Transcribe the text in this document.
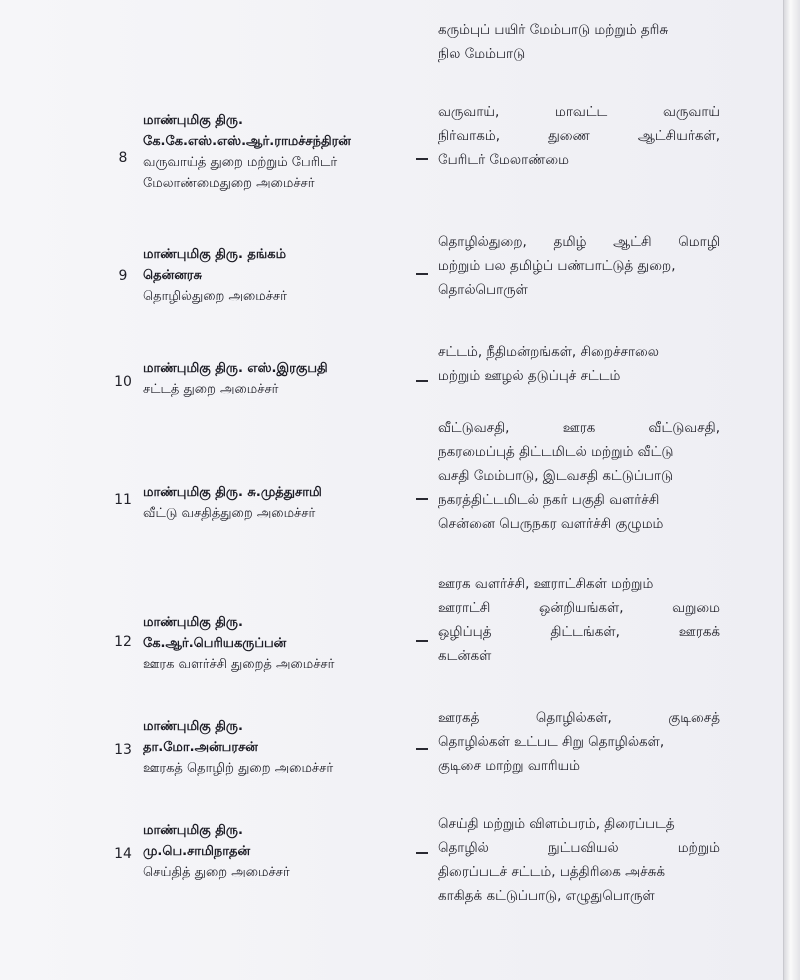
கரும்புப் பயிர் மேம்பாடு மற்றும் தரிசு
நில மேம்பாடு
8
மாண்புமிகு திரு.
கே.கே.எஸ்.எஸ்.ஆர்.ராமச்சந்திரன்
வருவாய்த் துறை மற்றும் பேரிடர்
மேலாண்மைதுறை அமைச்சர்
வருவாய், மாவட்ட வருவாய்
நிர்வாகம், துணை ஆட்சியர்கள்,
பேரிடர் மேலாண்மை
9
மாண்புமிகு திரு. தங்கம்
தென்னரசு
தொழில்துறை அமைச்சர்
தொழில்துறை, தமிழ் ஆட்சி மொழி
மற்றும் பல தமிழ்ப் பண்பாட்டுத் துறை,
தொல்பொருள்
10
மாண்புமிகு திரு. எஸ்.இரகுபதி
சட்டத் துறை அமைச்சர்
சட்டம், நீதிமன்றங்கள், சிறைச்சாலை
மற்றும் ஊழல் தடுப்புச் சட்டம்
11 மாண்புமிகு திரு. சு.முத்துசாமி
வீட்டு வசதித்துறை அமைச்சர்
வீட்டுவசதி, ஊரக வீட்டுவசதி,
நகரமைப்புத் திட்டமிடல் மற்றும் வீட்டு
வசதி மேம்பாடு, இடவசதி கட்டுப்பாடு
நகரத்திட்டமிடல் நகர் பகுதி வளர்ச்சி
சென்னை பெருநகர வளர்ச்சி குழுமம்
12
மாண்புமிகு திரு.
கே.ஆர்.பெரியகருப்பன்
ஊரக வளர்ச்சி துறைத் அமைச்சர்
ஊரக வளர்ச்சி, ஊராட்சிகள் மற்றும்
ஊராட்சி ஒன்றியங்கள், வறுமை
ஒழிப்புத் திட்டங்கள், ஊரகக்
கடன்கள்
13
மாண்புமிகு திரு.
தா.மோ.அன்பரசன்
ஊரகத் தொழிற் துறை அமைச்சர்
ஊரகத் தொழில்கள், குடிசைத்
தொழில்கள் உட்பட சிறு தொழில்கள்,
குடிசை மாற்று வாரியம்
14
மாண்புமிகு திரு.
மு.பெ.சாமிநாதன்
செய்தித் துறை அமைச்சர்
செய்தி மற்றும் விளம்பரம், திரைப்படத்
தொழில் நுட்பவியல் மற்றும்
திரைப்படச் சட்டம், பத்திரிகை அச்சுக்
காகிதக் கட்டுப்பாடு, எழுதுபொருள்
